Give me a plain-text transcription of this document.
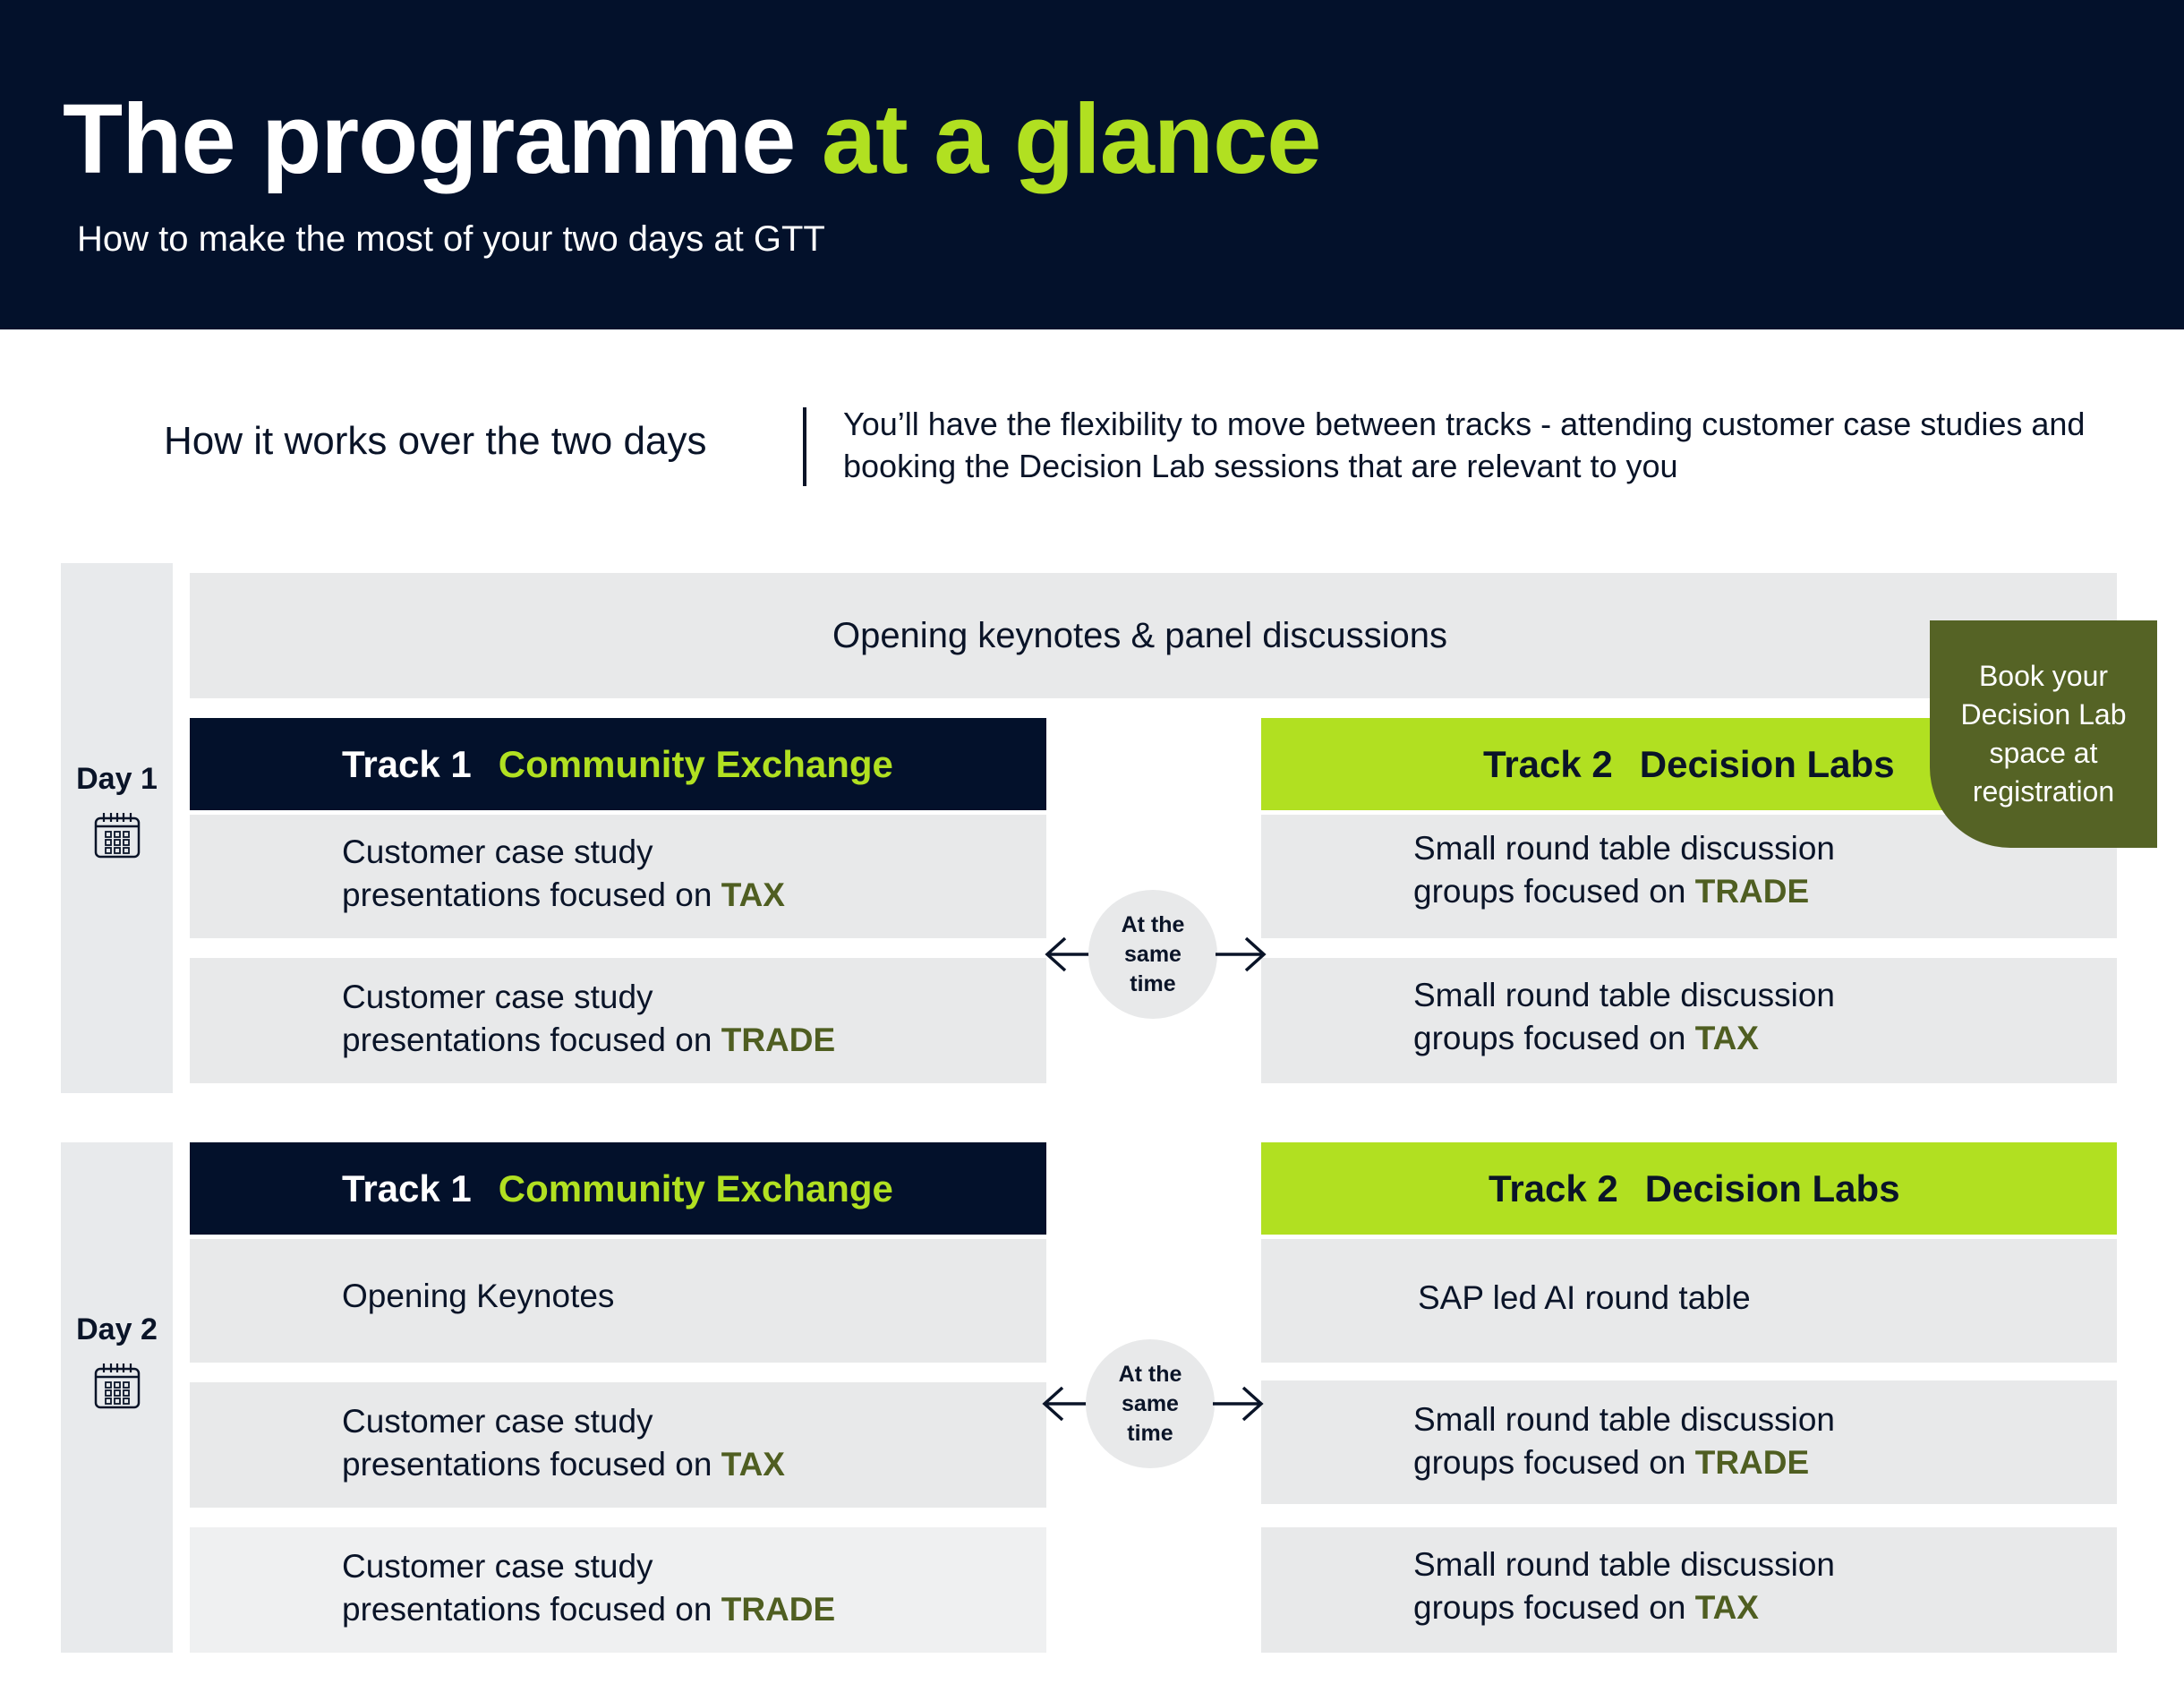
The programme at a glance
How to make the most of your two days at GTT
How it works over the two days	You’ll have the flexibility to move between tracks - attending customer case studies and booking the Decision Lab sessions that are relevant to you
Day 1
Opening keynotes & panel discussions
Track 1 Community Exchange
Customer case study
presentations focused on TAX
Customer case study
presentations focused on TRADE
Track 2 Decision Labs
Small round table discussion
groups focused on TRADE
Small round table discussion
groups focused on TAX
At the
same
time
Book your Decision Lab space at registration
Day 2
Track 1 Community Exchange
Opening Keynotes
Customer case study
presentations focused on TAX
Customer case study
presentations focused on TRADE
Track 2 Decision Labs
SAP led AI round table
Small round table discussion
groups focused on TRADE
Small round table discussion
groups focused on TAX
At the
same
time
